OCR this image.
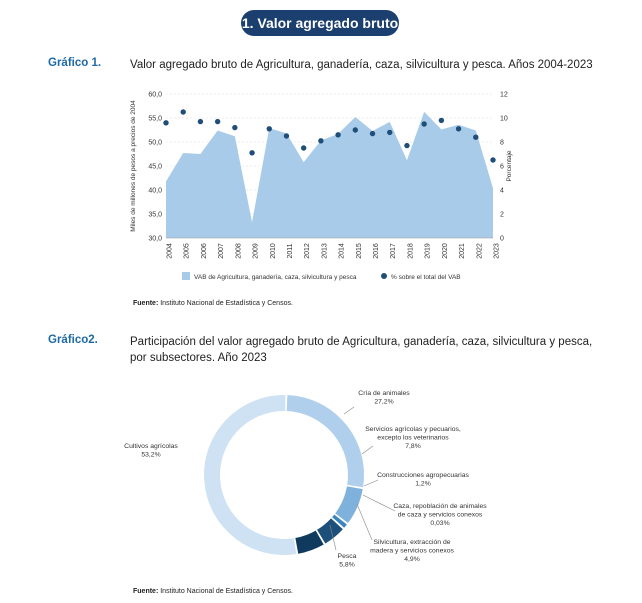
1. Valor agregado bruto
Gráfico 1.	Valor agregado bruto de Agricultura, ganadería, caza, silvicultura y pesca. Años 2004-2023
30,0
35,0
40,0
45,0
50,0
55,0
60,0
0
2
4
6
8
10
12
2004 2005 2006 2007 2008 2009 2010 2011 2012 2013 2014 2015 2016 2017 2018 2019 2020 2021 2022 2023
Miles de millones de pesos a precios de 2004	Porcentaje
VAB de Agricultura, ganadería, caza, silvicultura y pesca	% sobre el total del VAB
Fuente: Instituto Nacional de Estadística y Censos.
Gráfico2.	Participación del valor agregado bruto de Agricultura, ganadería, caza, silvicultura y pesca,
por subsectores. Año 2023
Cría de animales
27,2%
Servicios agrícolas y pecuarios,
excepto los veterinarios
7,8%
Construcciones agropecuarias
1,2%
Caza, repoblación de animales
de caza y servicios conexos
0,03%
Silvicultura, extracción de
madera y servicios conexos
4,9%
Pesca
5,8%
Cultivos agrícolas
53,2%
Fuente: Instituto Nacional de Estadística y Censos.
